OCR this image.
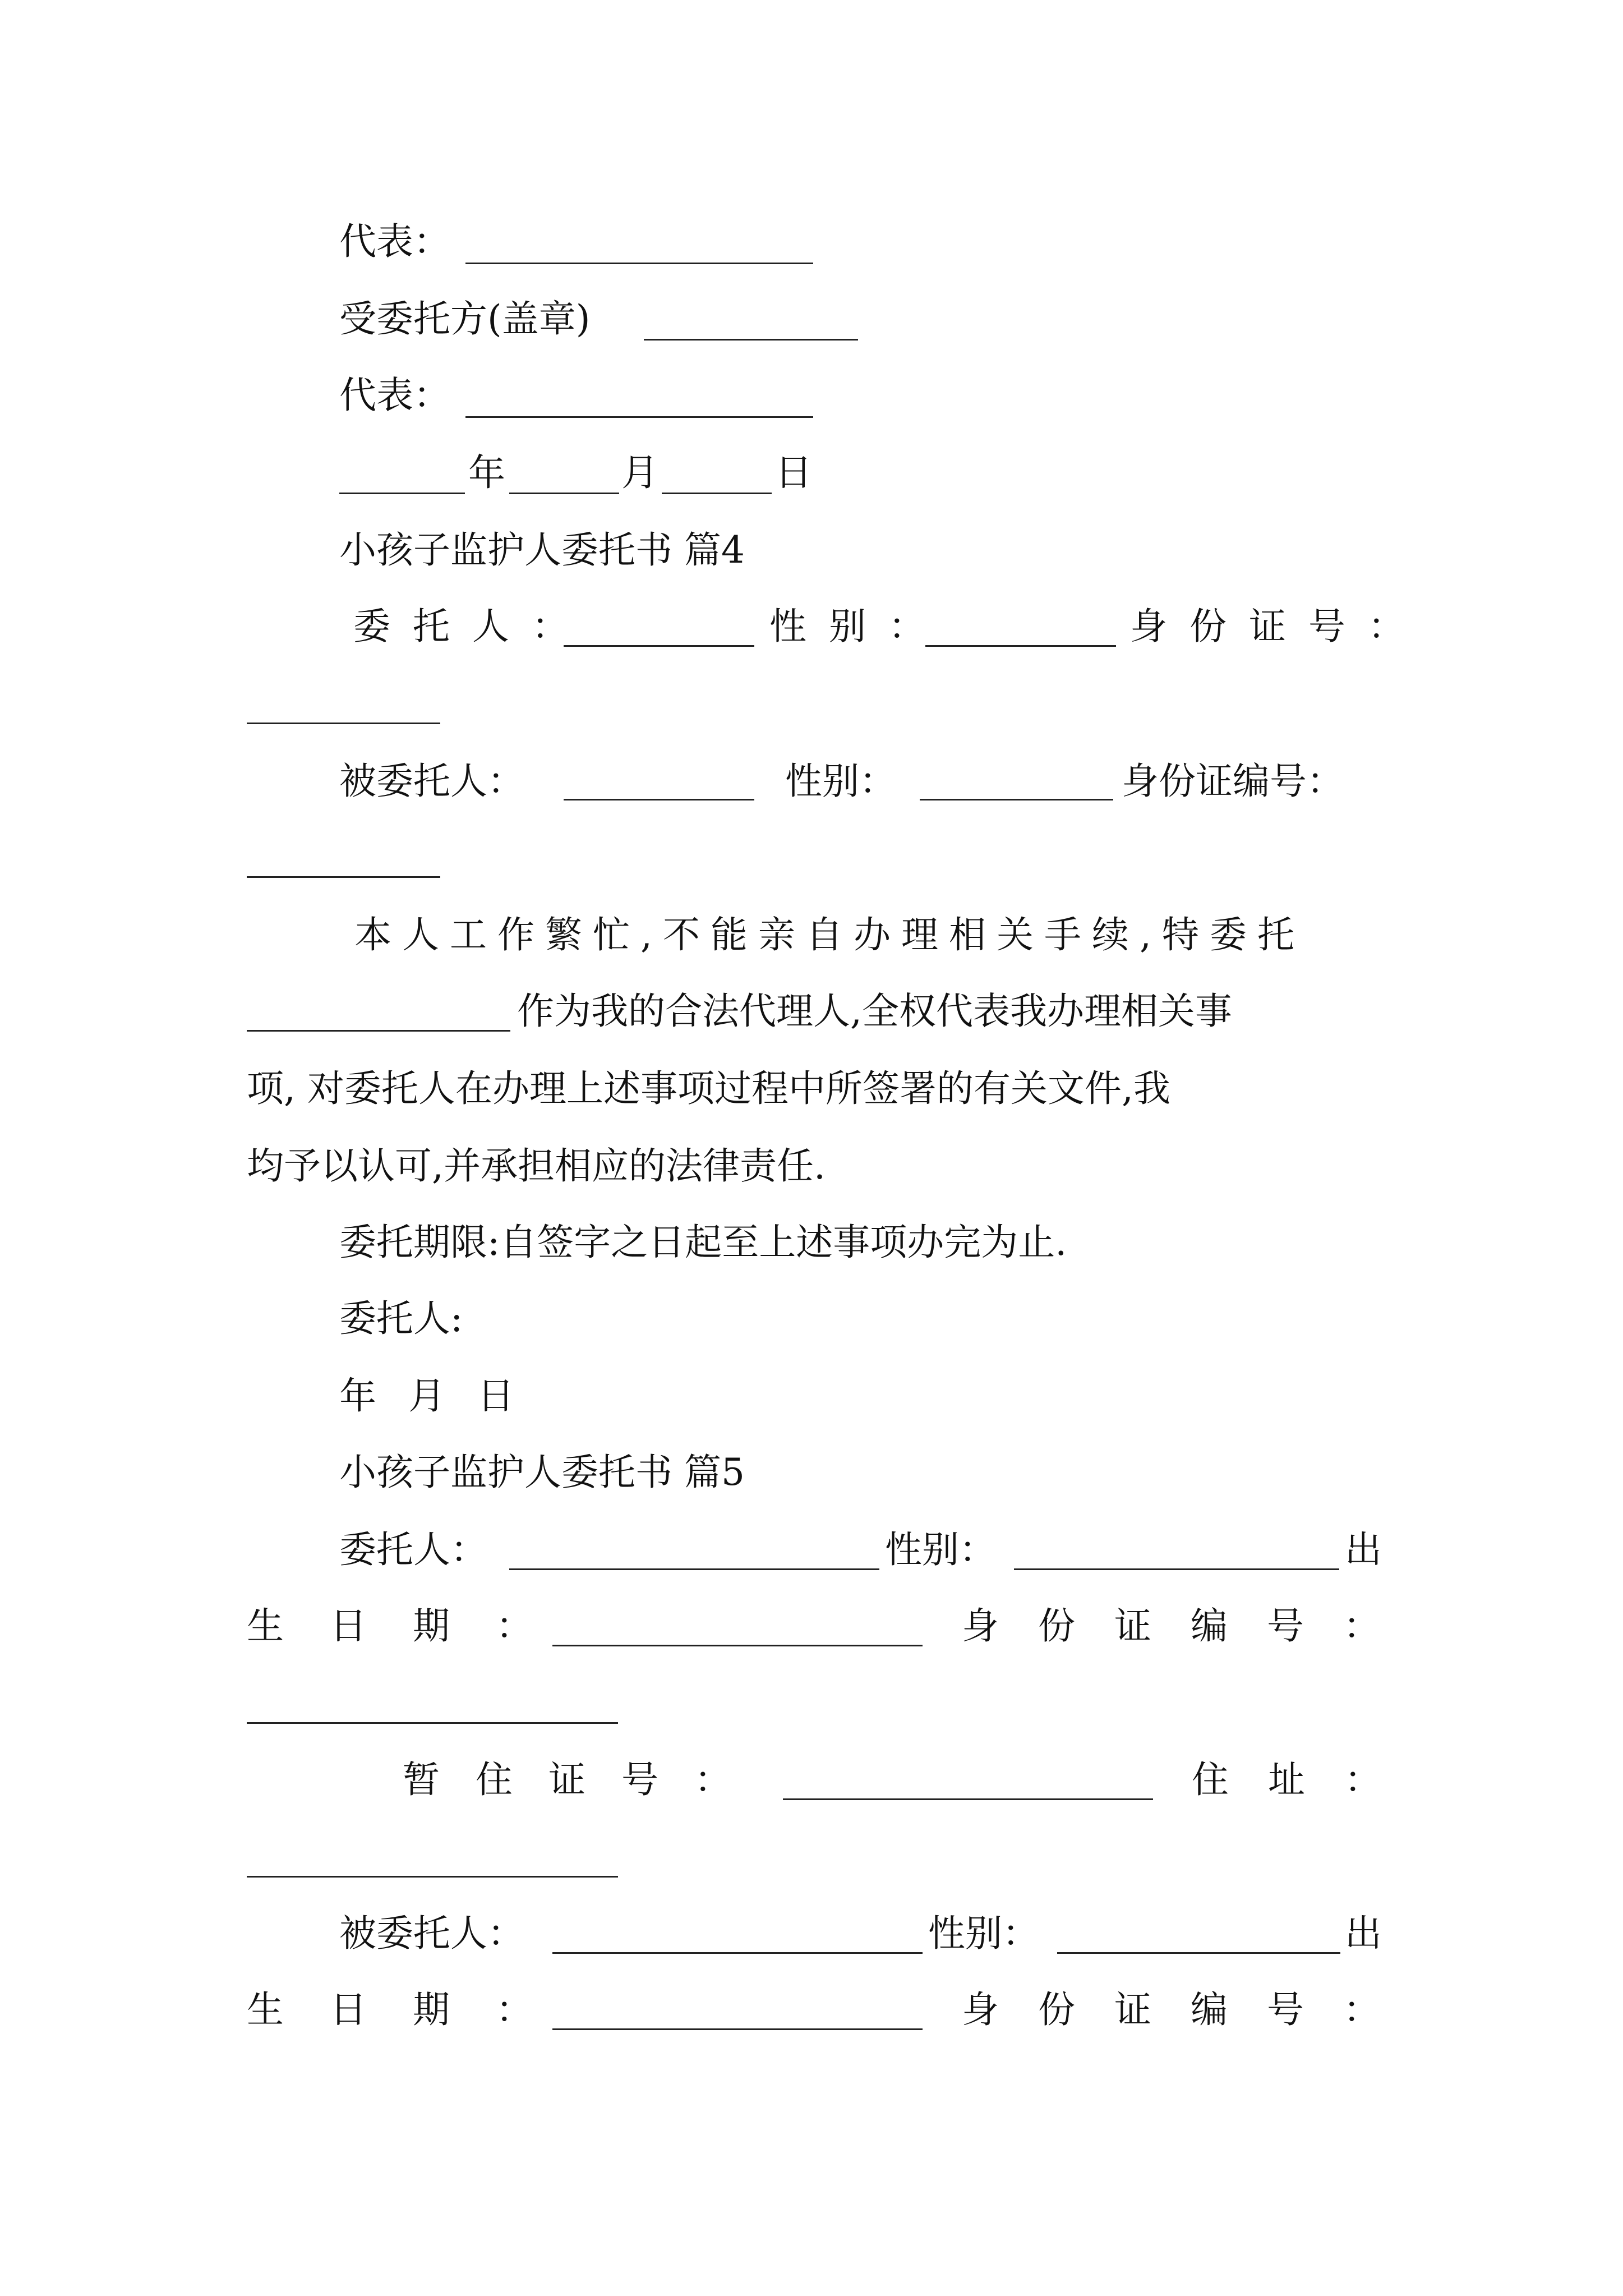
代表：
受委托方(盖章)
代表：
年	月	日
小孩子监护人委托书 篇4
委托人：	性别：	身份证号：
被委托人：	性别：	身份证编号：
本人工作繁忙,不能亲自办理相关手续,特委托
作为我的合法代理人,全权代表我办理相关事
项, 对委托人在办理上述事项过程中所签署的有关文件,我
均予以认可,并承担相应的法律责任.
委托期限:自签字之日起至上述事项办完为止.
委托人:
年 月 日
小孩子监护人委托书 篇5
委托人：	性别：	出
生日期：	身份证编号：
暂住证号：	住址：
被委托人：	性别：	出
生日期：	身份证编号：
